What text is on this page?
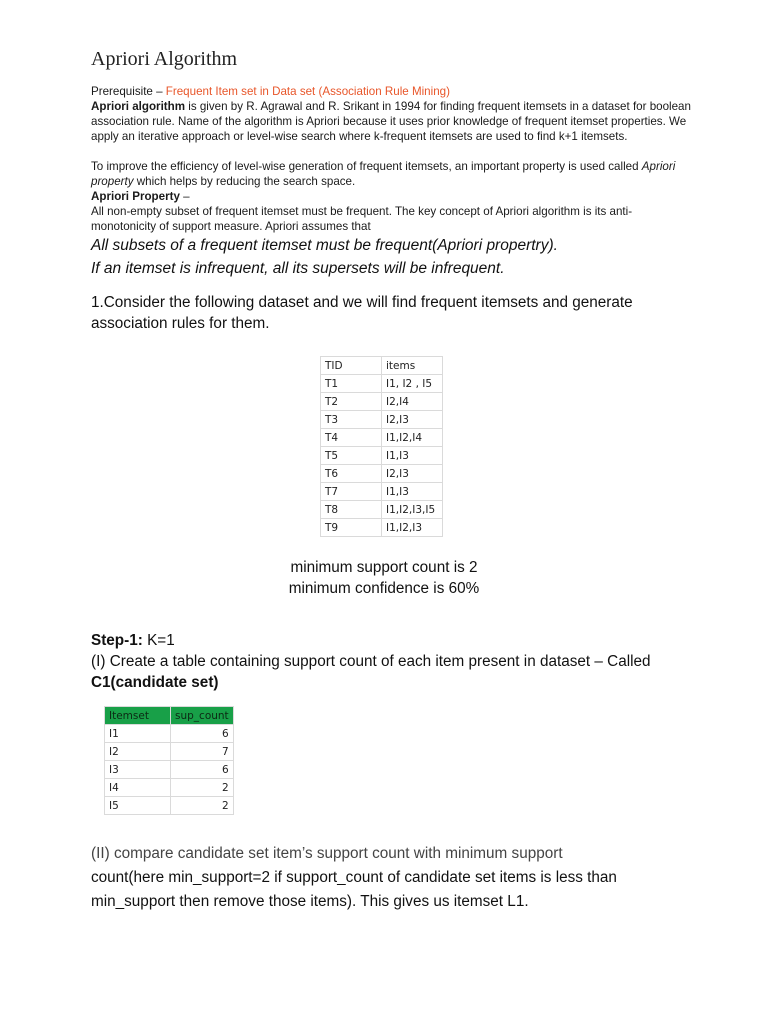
Apriori Algorithm
Prerequisite – Frequent Item set in Data set (Association Rule Mining)
Apriori algorithm is given by R. Agrawal and R. Srikant in 1994 for finding frequent itemsets in a dataset for boolean association rule. Name of the algorithm is Apriori because it uses prior knowledge of frequent itemset properties. We apply an iterative approach or level-wise search where k-frequent itemsets are used to find k+1 itemsets.
To improve the efficiency of level-wise generation of frequent itemsets, an important property is used called Apriori property which helps by reducing the search space.
Apriori Property –
All non-empty subset of frequent itemset must be frequent. The key concept of Apriori algorithm is its anti-monotonicity of support measure. Apriori assumes that
All subsets of a frequent itemset must be frequent(Apriori propertry).
If an itemset is infrequent, all its supersets will be infrequent.
1.Consider the following dataset and we will find frequent itemsets and generate association rules for them.
TID	items
T1	I1, I2 , I5
T2	I2,I4
T3	I2,I3
T4	I1,I2,I4
T5	I1,I3
T6	I2,I3
T7	I1,I3
T8	I1,I2,I3,I5
T9	I1,I2,I3
minimum support count is 2
minimum confidence is 60%
Step-1: K=1
(I) Create a table containing support count of each item present in dataset – Called C1(candidate set)
Itemset	sup_count
I1	6
I2	7
I3	6
I4	2
I5	2
(II) compare candidate set item’s support count with minimum support
count(here min_support=2 if support_count of candidate set items is less than min_support then remove those items). This gives us itemset L1.
